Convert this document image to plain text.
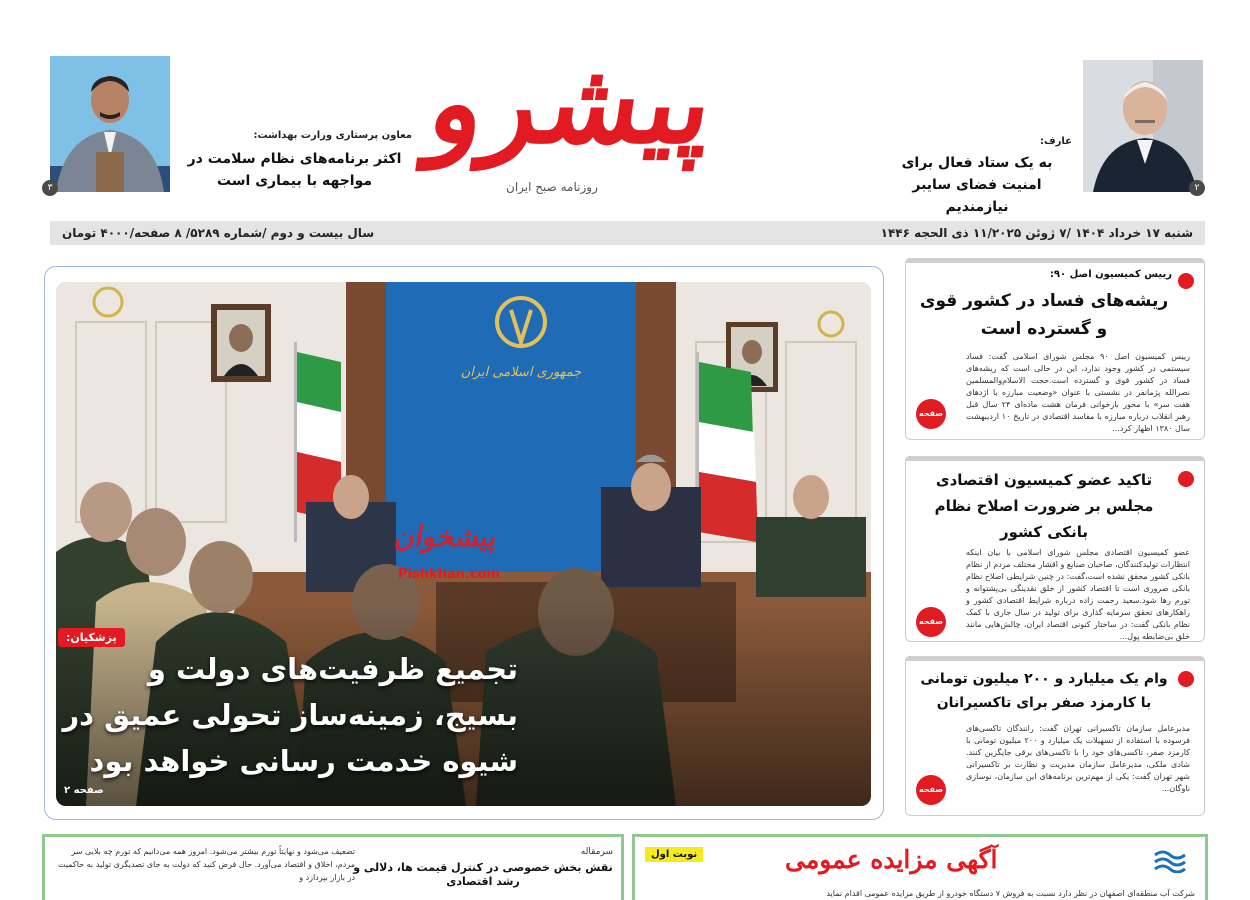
۲
عارف:
به یک ستاد فعال برای امنیت فضای سایبر نیازمندیم
۳
معاون پرستاری وزارت بهداشت:
اکثر برنامه‌های نظام سلامت در مواجهه با بیماری است
پیشرو
روزنامه صبح ایران
شنبه ۱۷ خرداد ۱۴۰۴ /۷ ژوئن ۱۱/۲۰۲۵ ذی الحجه ۱۴۴۶
سال بیست و دوم /شماره ۵۲۸۹/ ۸ صفحه/۴۰۰۰ تومان
جمهوری اسلامی ایران
پیشخوان
Pishkhan.com
پزشکیان:
تجمیع ظرفیت‌های دولت و بسیج، زمینه‌ساز تحولی عمیق در شیوه خدمت رسانی خواهد بود
صفحه ۲
رییس کمیسیون اصل ۹۰:
ریشه‌های فساد در کشور قوی و گسترده است
رییس کمیسیون اصل ۹۰ مجلس شورای اسلامی گفت: فساد سیستمی در کشور وجود ندارد، این در حالی است که ریشه‌های فساد در کشور قوی و گسترده است.حجت الاسلام‌والمسلمین نصرالله پژمانفر در نشستی با عنوان «وضعیت مبارزه با اژدهای هفت سر» با محور بازخوانی فرمان هشت ماده‌ای ۲۴ سال قبل رهبر انقلاب درباره مبارزه با مفاسد اقتصادی در تاریخ ۱۰ اردیبهشت سال ۱۳۸۰ اظهار کرد...
صفحه ۲
تاکید عضو کمیسیون اقتصادی مجلس بر ضرورت اصلاح نظام بانکی کشور
عضو کمیسیون اقتصادی مجلس شورای اسلامی با بیان اینکه انتظارات تولیدکنندگان، صاحبان صنایع و اقشار مختلف مردم از نظام بانکی کشور محقق نشده است،گفت: در چنین شرایطی اصلاح نظام بانکی ضروری است تا اقتصاد کشور از خلق نقدینگی بی‌پشتوانه و تورم رها شود.سعید رحمت زاده درباره شرایط اقتصادی کشور و راهکارهای تحقق سرمایه گذاری برای تولید در سال جاری با کمک نظام بانکی گفت: در ساختار کنونی اقتصاد ایران، چالش‌هایی مانند خلق بی‌ضابطه پول...
صفحه ۲
وام یک میلیارد و ۲۰۰ میلیون تومانی با کارمزد صفر برای تاکسیرانان
مدیرعامل سازمان تاکسیرانی تهران گفت: رانندگان تاکسی‌های فرسوده با استفاده از تسهیلات یک میلیارد و ۲۰۰ میلیون تومانی با کارمزد صفر، تاکسی‌های خود را با تاکسی‌های برقی جایگزین کنند. شادی ملکی، مدیرعامل سازمان مدیریت و نظارت بر تاکسیرانی شهر تهران گفت: یکی از مهم‌ترین برنامه‌های این سازمان، نوسازی ناوگان...
صفحه ۴
سرمقاله
نقش بخش خصوصی در کنترل قیمت ها، دلالی و رشد اقتصادی
تضعیف می‌شود و نهایتاً تورم بیشتر می‌شود. امروز همه می‌دانیم که تورم چه بلایی سر مردم، اخلاق و اقتصاد می‌آورد. حال فرض کنید که دولت به جای تصدیگری تولید به حاکمیت در بازار بپردازد و
نوبت اول	آگهی مزایده عمومی
شرکت آب منطقه‌ای اصفهان در نظر دارد نسبت به فروش ۷ دستگاه خودرو از طریق مزایده عمومی اقدام نماید
